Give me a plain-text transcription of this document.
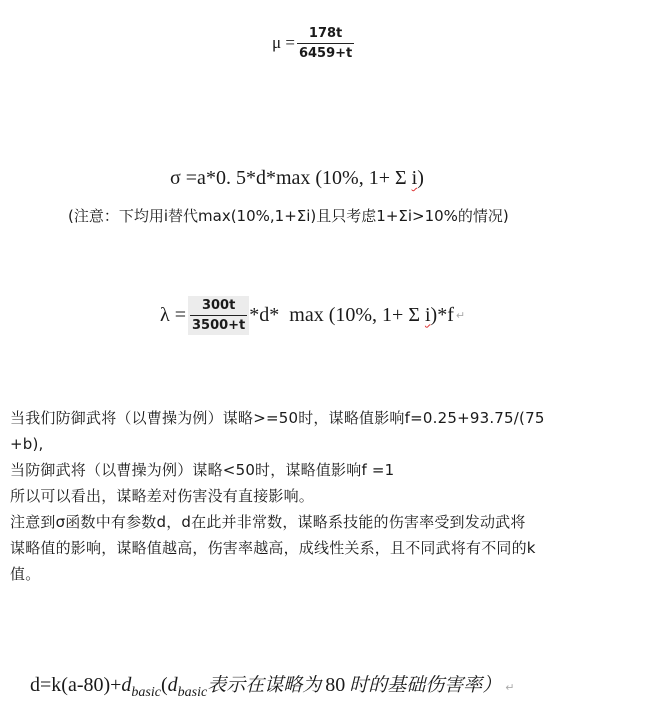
$\mu = \frac{178t}{6459+t}$

σ =a*0. 5*d*max (10%, 1+ Σ i)

(注意：下均用i替代max(10%,1+Σi)且只考虑1+Σi>10%的情况)
$\lambda = \frac{300t}{3500+t} *d*$  max (10%, 1+ Σ i )*f ↵

当我们防御武将（以曹操为例）谋略>=50时，谋略值影响f=0.25+93.75/(75

+b),

当防御武将（以曹操为例）谋略<50时，谋略值影响f =1

所以可以看出，谋略差对伤害没有直接影响。

注意到σ函数中有参数d，d在此并非常数，谋略系技能的伤害率受到发动武将

谋略值的影响，谋略值越高，伤害率越高，成线性关系，且不同武将有不同的k

值。

$d=k(a-80)+d_{basic}(d_{basic}$表示在谋略为 80 时的基础伤害率） ↵
